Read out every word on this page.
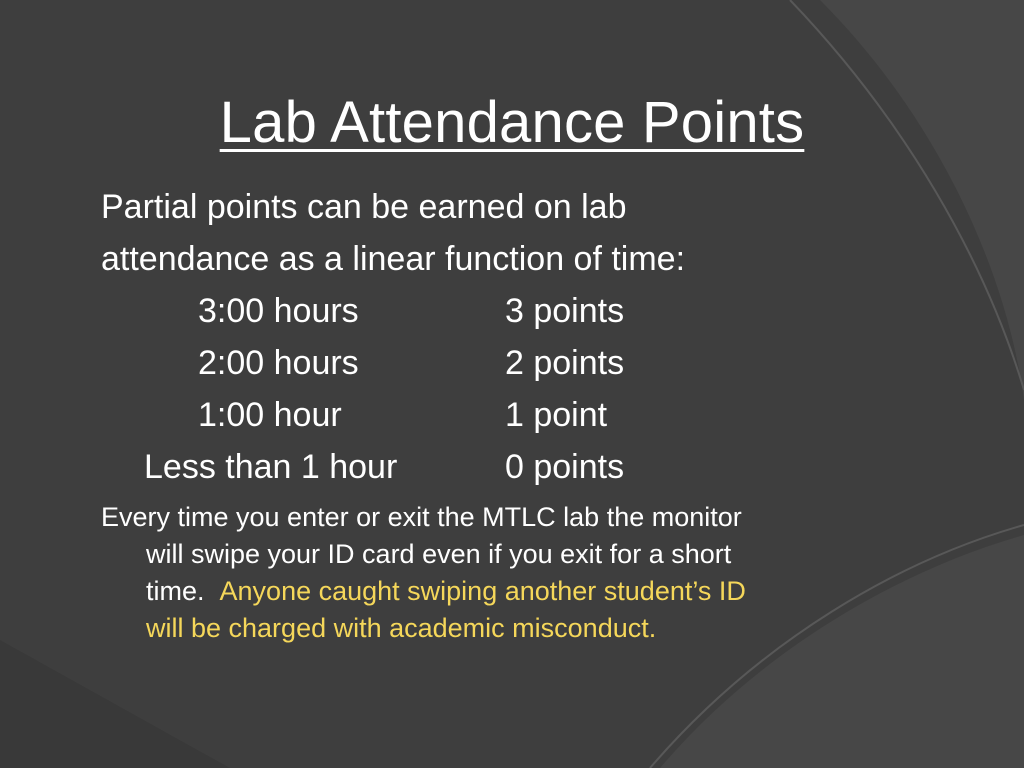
Lab Attendance Points
Partial points can be earned on lab
attendance as a linear function of time:
3:00 hours	3 points
2:00 hours	2 points
1:00 hour	1 point
Less than 1 hour	0 points
Every time you enter or exit the MTLC lab the monitor
will swipe your ID card even if you exit for a short
time. Anyone caught swiping another student’s ID
will be charged with academic misconduct.
